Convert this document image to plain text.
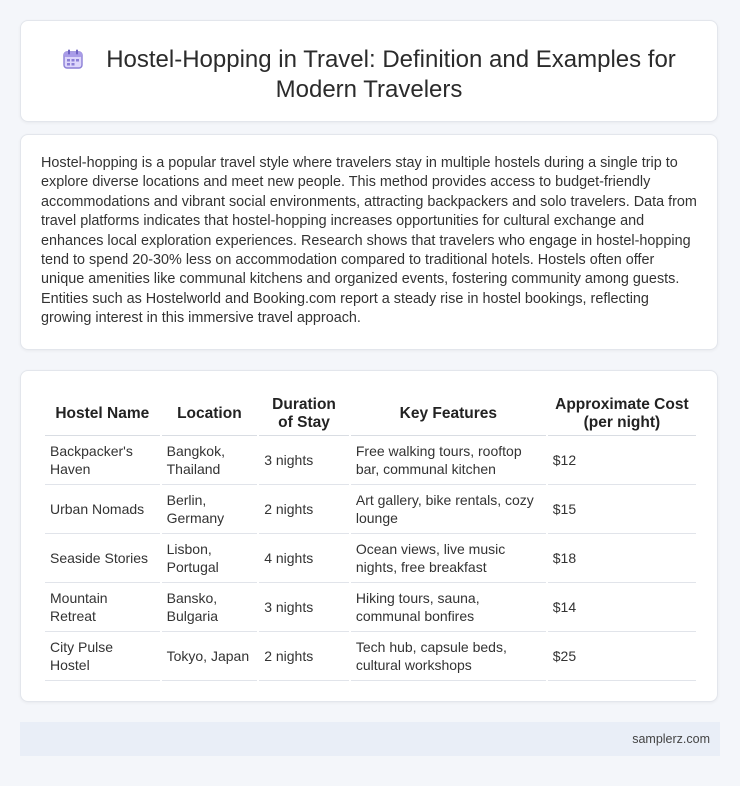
Hostel-Hopping in Travel: Definition and Examples for Modern Travelers

Hostel-hopping is a popular travel style where travelers stay in multiple hostels during a single trip to explore diverse locations and meet new people. This method provides access to budget-friendly accommodations and vibrant social environments, attracting backpackers and solo travelers. Data from travel platforms indicates that hostel-hopping increases opportunities for cultural exchange and enhances local exploration experiences. Research shows that travelers who engage in hostel-hopping tend to spend 20-30% less on accommodation compared to traditional hotels. Hostels often offer unique amenities like communal kitchens and organized events, fostering community among guests. Entities such as Hostelworld and Booking.com report a steady rise in hostel bookings, reflecting growing interest in this immersive travel approach.

Hostel Name	Location	Duration of Stay	Key Features	Approximate Cost (per night)
Backpacker's Haven	Bangkok, Thailand	3 nights	Free walking tours, rooftop bar, communal kitchen	$12
Urban Nomads	Berlin, Germany	2 nights	Art gallery, bike rentals, cozy lounge	$15
Seaside Stories	Lisbon, Portugal	4 nights	Ocean views, live music nights, free breakfast	$18
Mountain Retreat	Bansko, Bulgaria	3 nights	Hiking tours, sauna, communal bonfires	$14
City Pulse Hostel	Tokyo, Japan	2 nights	Tech hub, capsule beds, cultural workshops	$25
samplerz.com
